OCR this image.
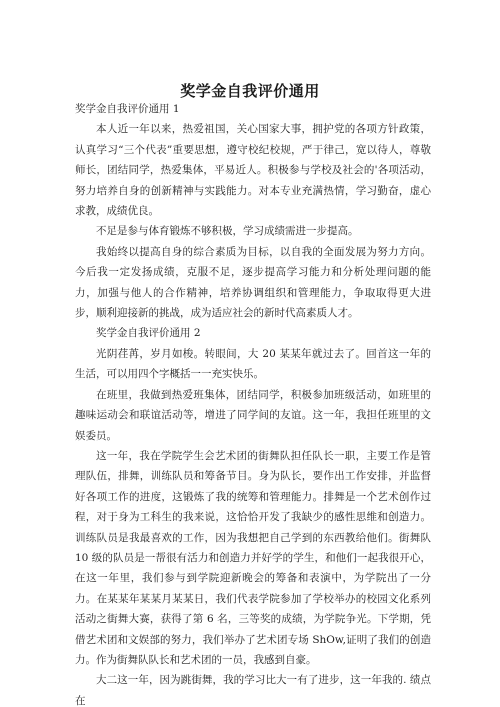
奖学金自我评价通用

奖学金自我评价通用 1

本人近一年以来，热爱祖国，关心国家大事，拥护党的各项方针政策，认真学习“三个代表”重要思想，遵守校纪校规，严于律己，宽以待人，尊敬师长，团结同学，热爱集体，平易近人。积极参与学校及社会的'各项活动，努力培养自身的创新精神与实践能力。对本专业充满热情，学习勤奋，虚心求教，成绩优良。

不足是参与体育锻炼不够积极，学习成绩需进一步提高。

我始终以提高自身的综合素质为目标，以自我的全面发展为努力方向。今后我一定发扬成绩，克服不足，逐步提高学习能力和分析处理问题的能力，加强与他人的合作精神，培养协调组织和管理能力，争取取得更大进步，顺利迎接新的挑战，成为适应社会的新时代高素质人才。

奖学金自我评价通用 2

光阴荏苒，岁月如梭。转眼间，大 20 某某年就过去了。回首这一年的生活，可以用四个字概括一一充实快乐。

在班里，我做到热爱班集体，团结同学，积极参加班级活动，如班里的趣味运动会和联谊活动等，增进了同学间的友谊。这一年，我担任班里的文娱委员。

这一年，我在学院学生会艺术团的街舞队担任队长一职，主要工作是管理队伍，排舞，训练队员和筹备节目。身为队长，要作出工作安排，并监督好各项工作的进度，这锻炼了我的统筹和管理能力。排舞是一个艺术创作过程，对于身为工科生的我来说，这恰恰开发了我缺少的感性思维和创造力。训练队员是我最喜欢的工作，因为我想把自己学到的东西教给他们。街舞队 10 级的队员是一帮很有活力和创造力并好学的学生，和他们一起我很开心，在这一年里，我们参与到学院迎新晚会的筹备和表演中，为学院出了一分力。在某某年某某月某某日，我们代表学院参加了学校举办的校园文化系列活动之街舞大赛，获得了第 6 名，三等奖的成绩，为学院争光。下学期，凭借艺术团和文娱部的努力，我们举办了艺术团专场 ShOw,证明了我们的创造力。作为街舞队队长和艺术团的一员，我感到自豪。

大二这一年，因为跳街舞，我的学习比大一有了进步，这一年我的. 绩点在
